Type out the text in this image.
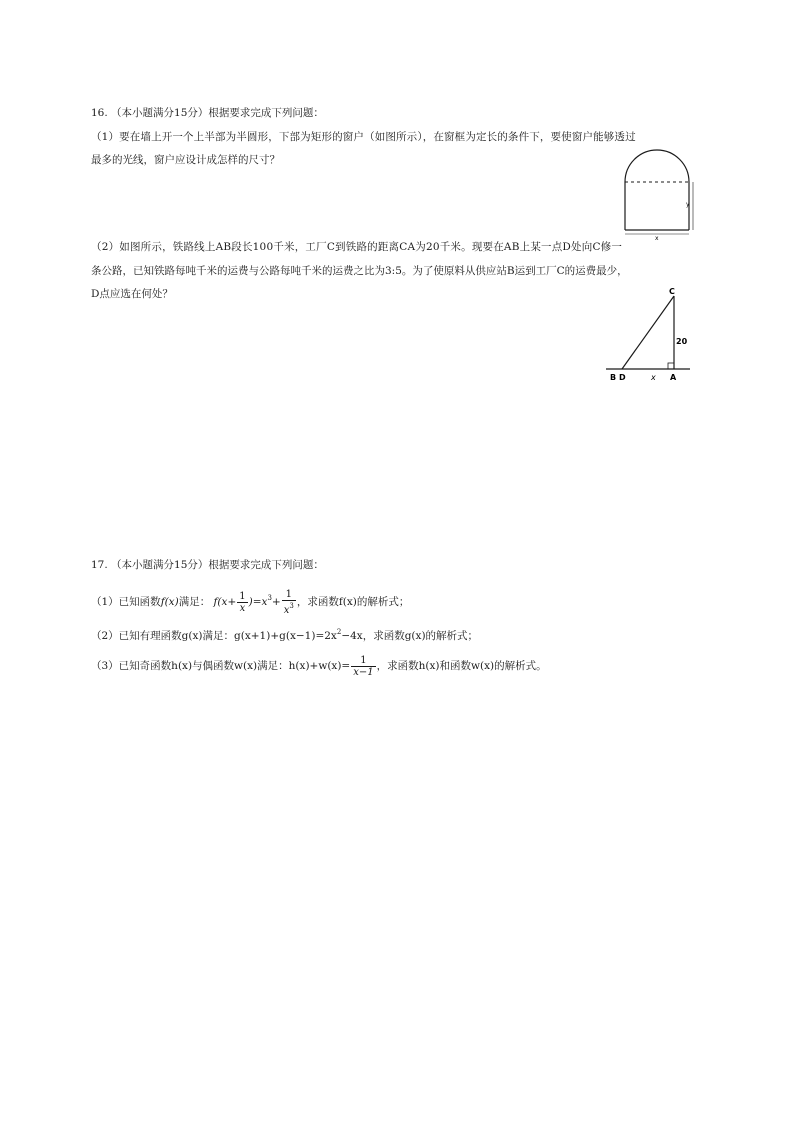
16. （本小题满分15分）根据要求完成下列问题：
（1）要在墙上开一个上半部为半圆形，下部为矩形的窗户（如图所示），在窗框为定长的条件下，要使窗户能够透过
最多的光线，窗户应设计成怎样的尺寸？
y
x
（2）如图所示，铁路线上AB段长100千米，工厂C到铁路的距离CA为20千米。现要在AB上某一点D处向C修一
条公路，已知铁路每吨千米的运费与公路每吨千米的运费之比为3:5。为了使原料从供应站B运到工厂C的运费最少，
D点应选在何处？	C
20
B D	x A
17. （本小题满分15分）根据要求完成下列问题：
（1）已知函数f(x)满足： $f(x+ \frac{1}{x} )=x^3+ \frac{1}{x^3}$ ，求函数f(x)的解析式；
（2）已知有理函数g(x)满足：$g(x+1)+g(x-1)=2x^2-4x$，求函数g(x)的解析式；
（3）已知奇函数h(x)与偶函数w(x)满足：$h(x)+w(x)= \frac{1}{x-1}$ ，求函数h(x)和函数w(x)的解析式。
